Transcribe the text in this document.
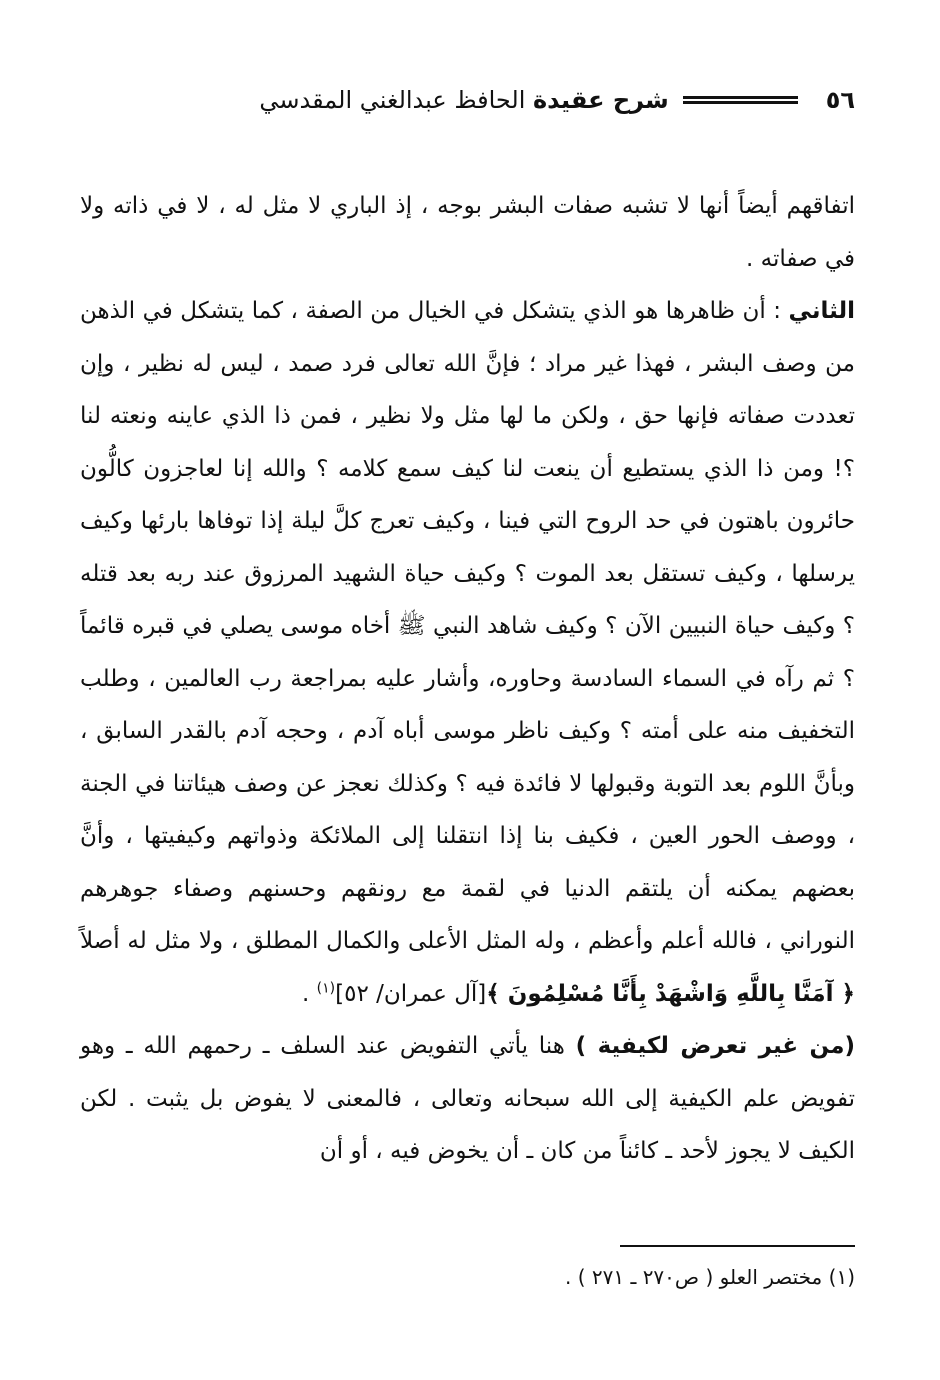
٥٦
شرح عقيدة الحافظ عبدالغني المقدسي

اتفاقهم أيضاً أنها لا تشبه صفات البشر بوجه ، إذ الباري لا مثل له ، لا في ذاته ولا في صفاته .

الثاني : أن ظاهرها هو الذي يتشكل في الخيال من الصفة ، كما يتشكل في الذهن من وصف البشر ، فهذا غير مراد ؛ فإنَّ الله تعالى فرد صمد ، ليس له نظير ، وإن تعددت صفاته فإنها حق ، ولكن ما لها مثل ولا نظير ، فمن ذا الذي عاينه ونعته لنا ؟! ومن ذا الذي يستطيع أن ينعت لنا كيف سمع كلامه ؟ والله إنا لعاجزون كالُّون حائرون باهتون في حد الروح التي فينا ، وكيف تعرج كلَّ ليلة إذا توفاها بارئها وكيف يرسلها ، وكيف تستقل بعد الموت ؟ وكيف حياة الشهيد المرزوق عند ربه بعد قتله ؟ وكيف حياة النبيين الآن ؟ وكيف شاهد النبي ﷺ أخاه موسى يصلي في قبره قائماً ؟ ثم رآه في السماء السادسة وحاوره، وأشار عليه بمراجعة رب العالمين ، وطلب التخفيف منه على أمته ؟ وكيف ناظر موسى أباه آدم ، وحجه آدم بالقدر السابق ، وبأنَّ اللوم بعد التوبة وقبولها لا فائدة فيه ؟ وكذلك نعجز عن وصف هيئاتنا في الجنة ، ووصف الحور العين ، فكيف بنا إذا انتقلنا إلى الملائكة وذواتهم وكيفيتها ، وأنَّ بعضهم يمكنه أن يلتقم الدنيا في لقمة مع رونقهم وحسنهم وصفاء جوهرهم النوراني ، فالله أعلم وأعظم ، وله المثل الأعلى والكمال المطلق ، ولا مثل له أصلاً ﴿ آمَنَّا بِاللَّهِ وَاشْهَدْ بِأَنَّا مُسْلِمُونَ ﴾[آل عمران/ ٥٢]$^{(١)}$ .

(من غير تعرض لكيفية ) هنا يأتي التفويض عند السلف ـ رحمهم الله ـ وهو تفويض علم الكيفية إلى الله سبحانه وتعالى ، فالمعنى لا يفوض بل يثبت . لكن الكيف لا يجوز لأحد ـ كائناً من كان ـ أن يخوض فيه ، أو أن

(١) مختصر العلو ( ص٢٧٠ ـ ٢٧١ ) .
